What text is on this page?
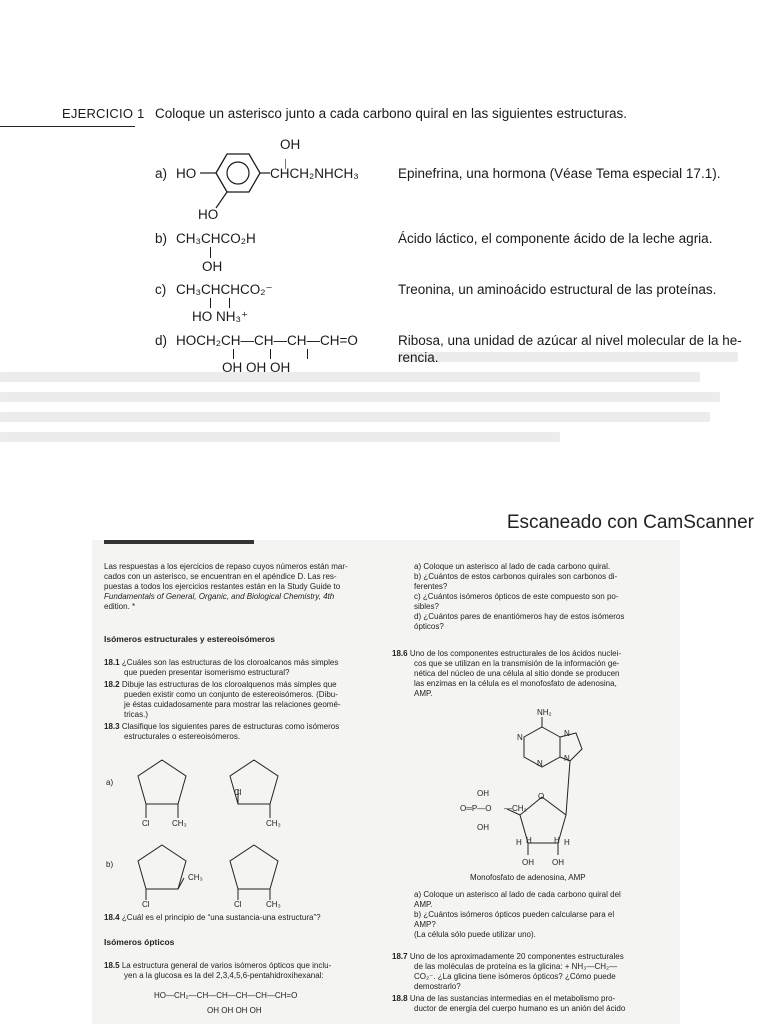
EJERCICIO 1 Coloque un asterisco junto a cada carbono quiral en las siguientes estructuras.
a) HO
OH
CHCH₂NHCH₃
HO
Epinefrina, una hormona (Véase Tema especial 17.1).
b) CH₃CHCO₂H
OH
Ácido láctico, el componente ácido de la leche agria.
c) CH₃CHCHCO₂⁻
HO NH₃⁺
Treonina, un aminoácido estructural de las proteínas.
d) HOCH₂CH—CH—CH—CH=O
OH OH OH
Ribosa, una unidad de azúcar al nivel molecular de la he-
rencia.
Escaneado con CamScanner
Las respuestas a los ejercicios de repaso cuyos números están mar-
cados con un asterisco, se encuentran en el apéndice D. Las res-
puestas a todos los ejercicios restantes están en la Study Guide to
Fundamentals of General, Organic, and Biological Chemistry, 4th
edition. *
Isómeros estructurales y estereoisómeros
18.1 ¿Cuáles son las estructuras de los cloroalcanos más simples
que pueden presentar isomerismo estructural?
18.2 Dibuje las estructuras de los cloroalquenos más simples que
pueden existir como un conjunto de estereoisómeros. (Dibu-
je éstas cuidadosamente para mostrar las relaciones geomé-
tricas.)
18.3 Clasifique los siguientes pares de estructuras como isómeros
estructurales o estereoisómeros.
a)
Cl	CH₃
Cl
CH₃
b)
CH₃
Cl	Cl	CH₃
18.4 ¿Cuál es el principio de “una sustancia-una estructura”?
Isómeros ópticos
18.5 La estructura general de varios isómeros ópticos que inclu-
yen a la glucosa es la del 2,3,4,5,6-pentahidroxihexanal:
HO—CH₂—CH—CH—CH—CH—CH=O
OH OH OH OH
a) Coloque un asterisco al lado de cada carbono quiral.
b) ¿Cuántos de estos carbonos quirales son carbonos di-
ferentes?
c) ¿Cuántos isómeros ópticos de este compuesto son po-
sibles?
d) ¿Cuántos pares de enantiómeros hay de estos isómeros
ópticos?
18.6 Uno de los componentes estructurales de los ácidos nuclei-
cos que se utilizan en la transmisión de la información ge-
nética del núcleo de una célula al sitio donde se producen
las enzimas en la célula es el monofosfato de adenosina,
AMP.
NH₂
N
N
N
N
OH
O═P—O —CH₂
O
OH
H H	H H
OH OH
Monofosfato de adenosina, AMP
a) Coloque un asterisco al lado de cada carbono quiral del
AMP.
b) ¿Cuántos isómeros ópticos pueden calcularse para el
AMP?
(La célula sólo puede utilizar uno).
18.7 Uno de los aproximadamente 20 componentes estructurales
de las moléculas de proteína es la glicina: + NH₃—CH₂—
CO₂⁻. ¿La glicina tiene isómeros ópticos? ¿Cómo puede
demostrarlo?
18.8 Una de las sustancias intermedias en el metabolismo pro-
ductor de energía del cuerpo humano es un anión del ácido
